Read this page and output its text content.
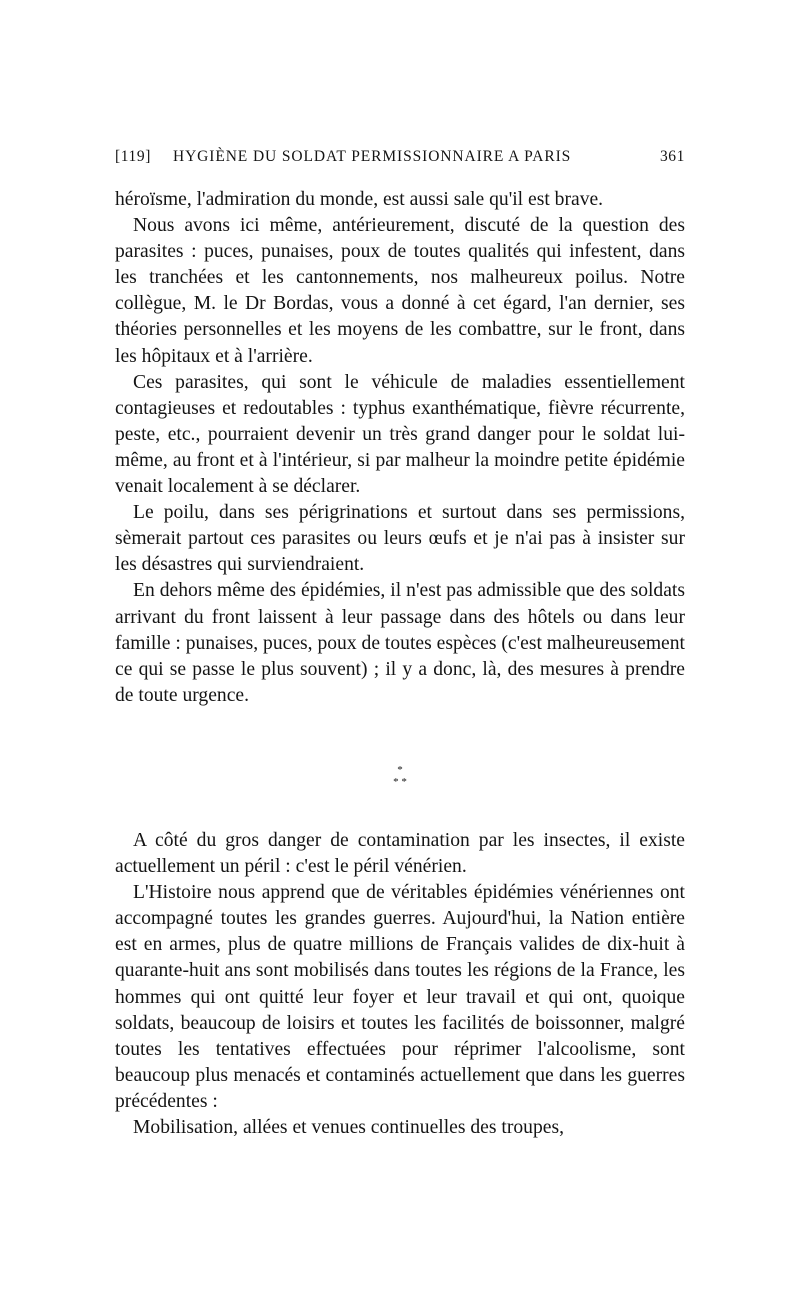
[119] HYGIÈNE DU SOLDAT PERMISSIONNAIRE A PARIS	361

héroïsme, l'admiration du monde, est aussi sale qu'il est brave.

Nous avons ici même, antérieurement, discuté de la question des parasites : puces, punaises, poux de toutes qualités qui infestent, dans les tranchées et les cantonnements, nos malheureux poilus. Notre collègue, M. le Dr Bordas, vous a donné à cet égard, l'an dernier, ses théories personnelles et les moyens de les combattre, sur le front, dans les hôpitaux et à l'arrière.

Ces parasites, qui sont le véhicule de maladies essentiellement contagieuses et redoutables : typhus exanthématique, fièvre récurrente, peste, etc., pourraient devenir un très grand danger pour le soldat lui-même, au front et à l'intérieur, si par malheur la moindre petite épidémie venait localement à se déclarer.

Le poilu, dans ses périgrinations et surtout dans ses permissions, sèmerait partout ces parasites ou leurs œufs et je n'ai pas à insister sur les désastres qui surviendraient.

En dehors même des épidémies, il n'est pas admissible que des soldats arrivant du front laissent à leur passage dans des hôtels ou dans leur famille : punaises, puces, poux de toutes espèces (c'est malheureusement ce qui se passe le plus souvent) ; il y a donc, là, des mesures à prendre de toute urgence.

*
* *

A côté du gros danger de contamination par les insectes, il existe actuellement un péril : c'est le péril vénérien.

L'Histoire nous apprend que de véritables épidémies vénériennes ont accompagné toutes les grandes guerres. Aujourd'hui, la Nation entière est en armes, plus de quatre millions de Français valides de dix-huit à quarante-huit ans sont mobilisés dans toutes les régions de la France, les hommes qui ont quitté leur foyer et leur travail et qui ont, quoique soldats, beaucoup de loisirs et toutes les facilités de boissonner, malgré toutes les tentatives effectuées pour réprimer l'alcoolisme, sont beaucoup plus menacés et contaminés actuellement que dans les guerres précédentes :

Mobilisation, allées et venues continuelles des troupes,
